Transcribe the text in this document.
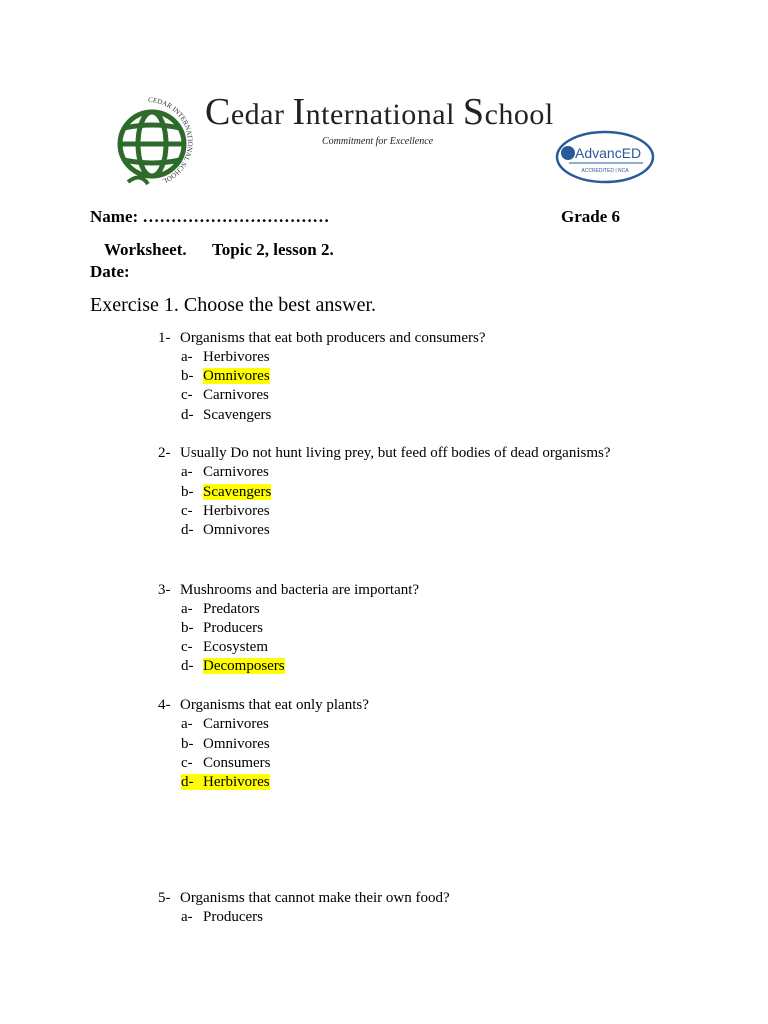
CEDAR INTERNATIONAL SCHOOL
Cedar International School
Commitment for Excellence
AdvancED
ACCREDITED | NCA
Name: ……………………………	Grade 6
Worksheet. Topic 2, lesson 2.
Date:
Exercise 1. Choose the best answer.
1- Organisms that eat both producers and consumers?
a- Herbivores
b- Omnivores
c- Carnivores
d- Scavengers
2- Usually Do not hunt living prey, but feed off bodies of dead organisms?
a- Carnivores
b- Scavengers
c- Herbivores
d- Omnivores
3- Mushrooms and bacteria are important?
a- Predators
b- Producers
c- Ecosystem
d- Decomposers
4- Organisms that eat only plants?
a- Carnivores
b- Omnivores
c- Consumers
d- Herbivores
5- Organisms that cannot make their own food?
a- Producers
